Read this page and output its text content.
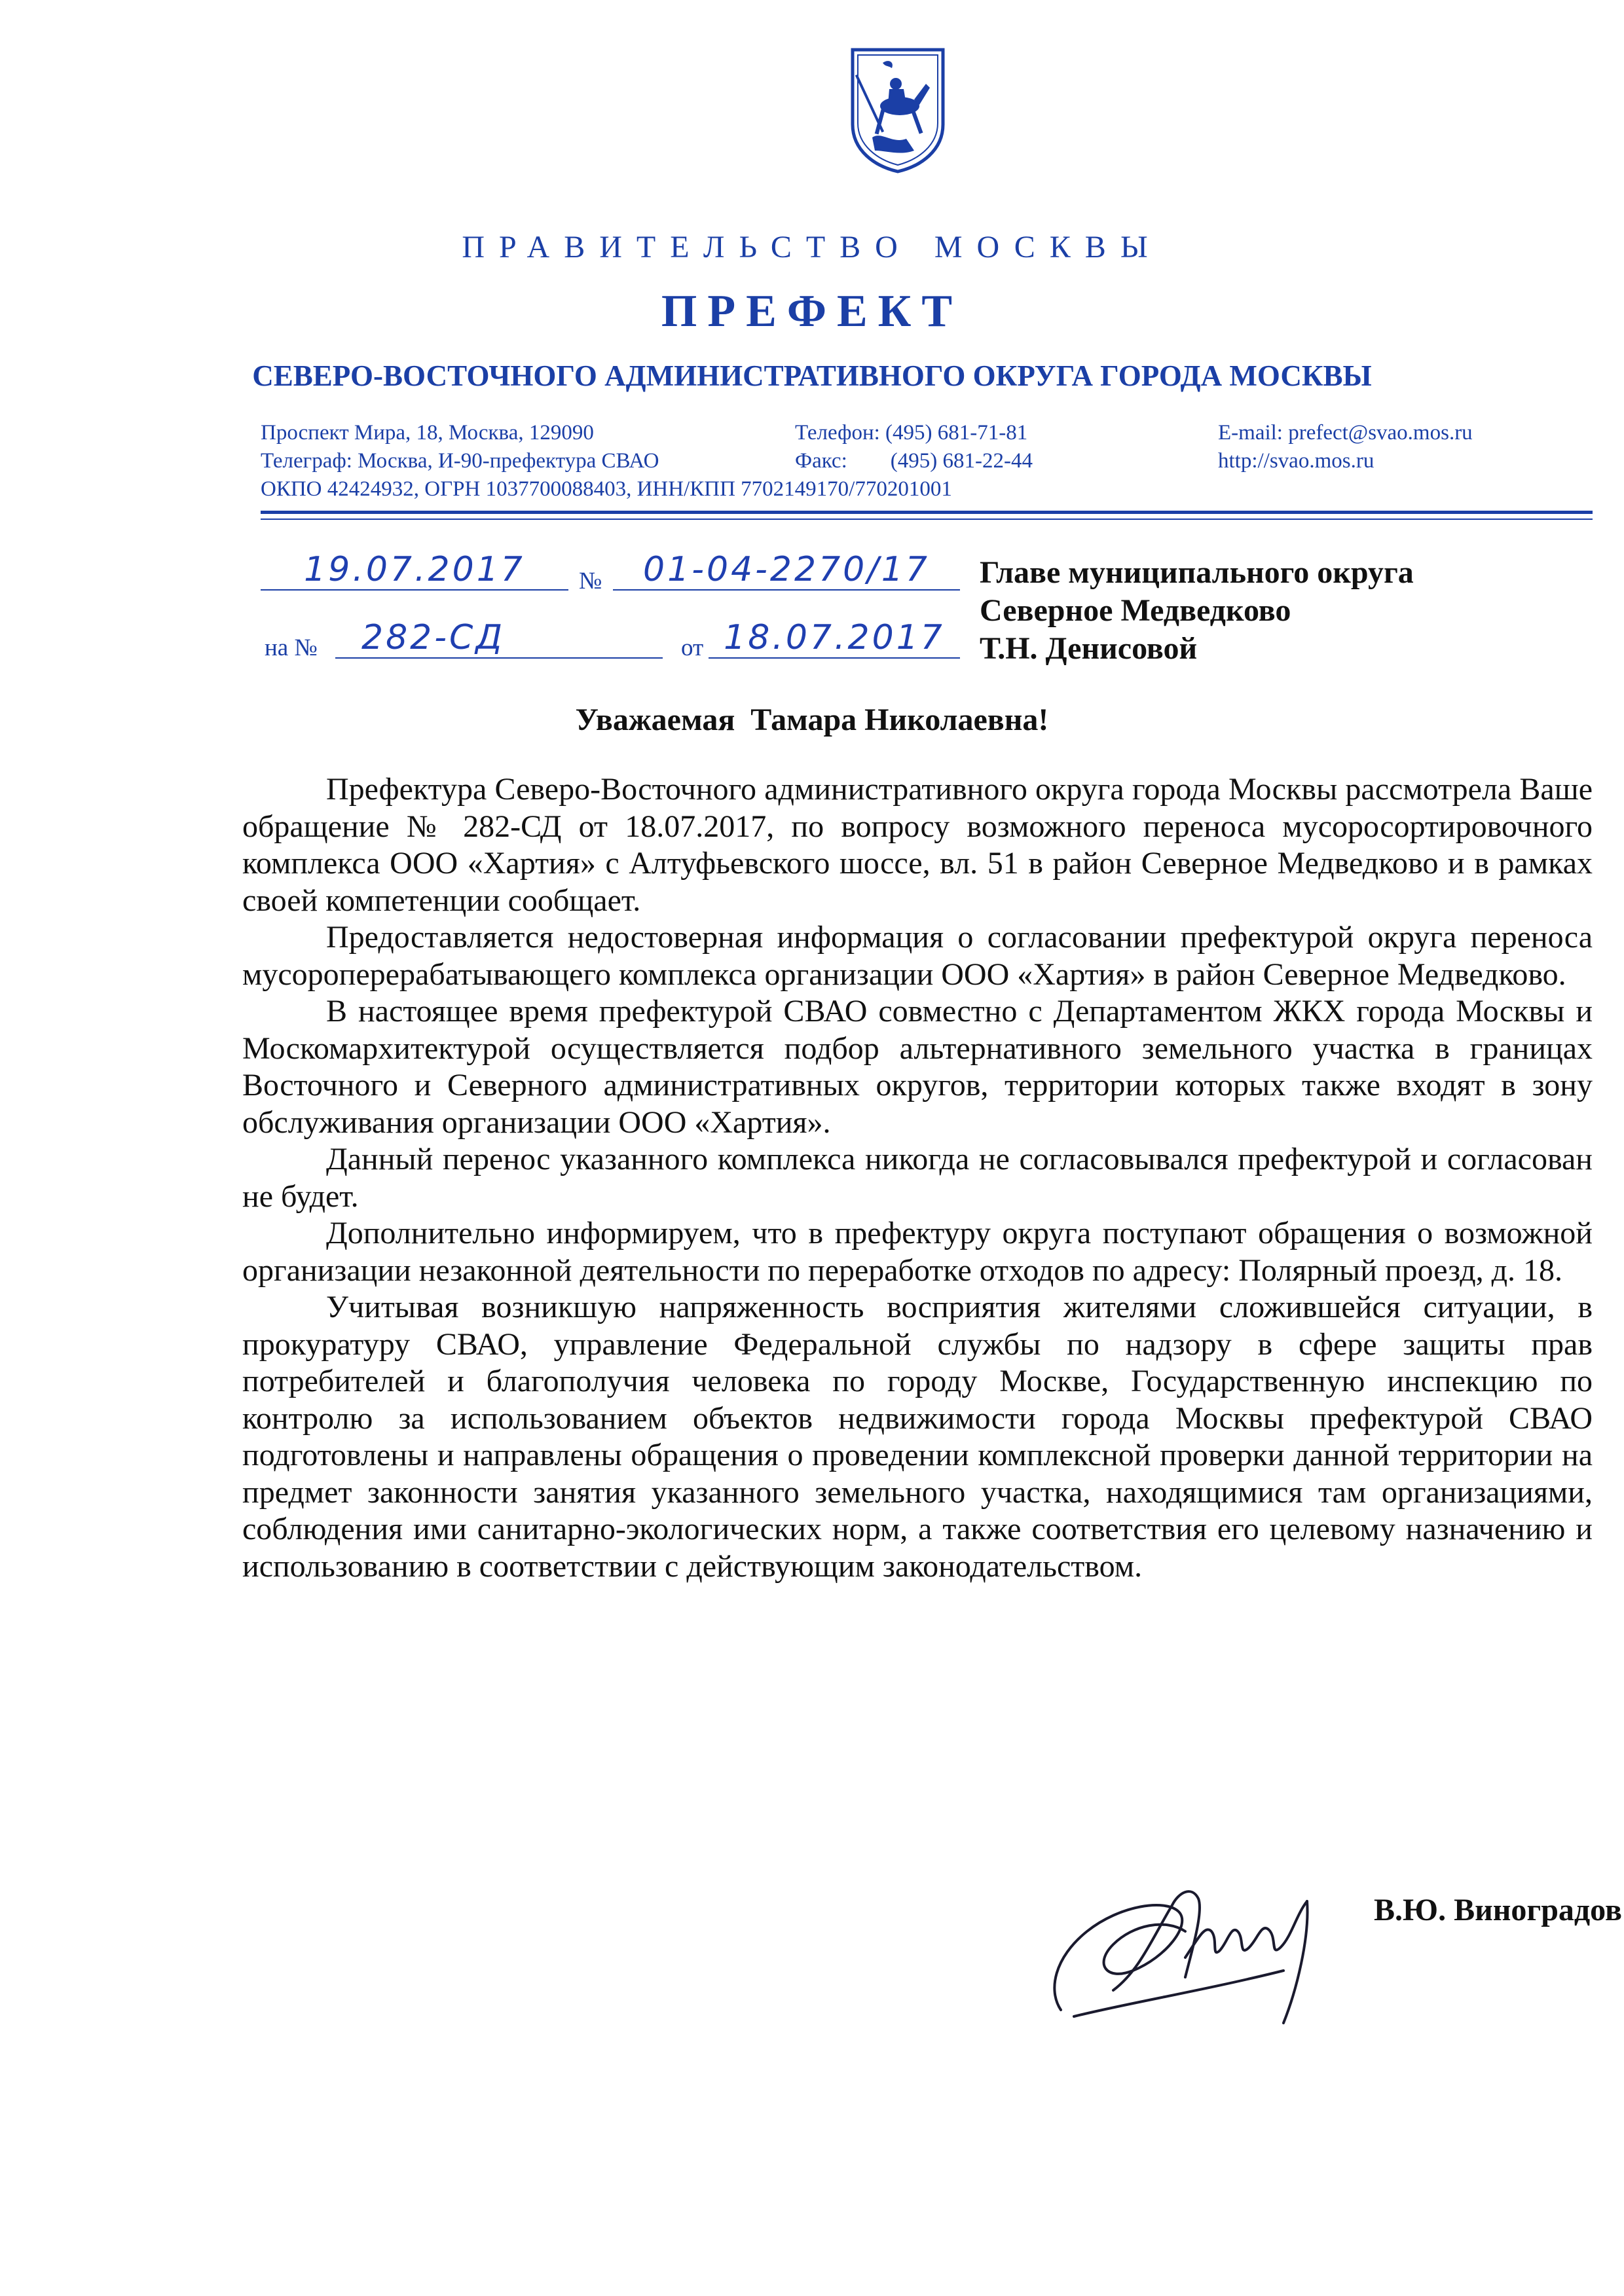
ПРАВИТЕЛЬСТВО МОСКВЫ
ПРЕФЕКТ
СЕВЕРО-ВОСТОЧНОГО АДМИНИСТРАТИВНОГО ОКРУГА ГОРОДА МОСКВЫ
Проспект Мира, 18, Москва, 129090
Телеграф: Москва, И-90-префектура СВАО
Телефон: (495) 681-71-81
Факс:        (495) 681-22-44
E-mail: prefect@svao.mos.ru
http://svao.mos.ru
ОКПО 42424932, ОГРН 1037700088403, ИНН/КПП 7702149170/770201001
19.07.2017	№	01-04-2270/17
на №	282-СД	от 18.07.2017
Главе муниципального округа
Северное Медведково
Т.Н. Денисовой
Уважаемая  Тамара Николаевна!

Префектура Северо-Восточного административного округа города Москвы рассмотрела Ваше обращение № 282-СД от 18.07.2017, по вопросу возможного переноса мусоросортировочного комплекса ООО «Хартия» с Алтуфьевского шоссе, вл. 51 в район Северное Медведково и в рамках своей компетенции сообщает.

Предоставляется недостоверная информация о согласовании префектурой округа переноса мусороперерабатывающего комплекса организации ООО «Хартия» в район Северное Медведково.

В настоящее время префектурой СВАО совместно с Департаментом ЖКХ города Москвы и Москомархитектурой осуществляется подбор альтернативного земельного участка в границах Восточного и Северного административных округов, территории которых также входят в зону обслуживания организации ООО «Хартия».

Данный перенос указанного комплекса никогда не согласовывался префектурой и согласован не будет.

Дополнительно информируем, что в префектуру округа поступают обращения о возможной организации незаконной деятельности по переработке отходов по адресу: Полярный проезд, д. 18.

Учитывая возникшую напряженность восприятия жителями сложившейся ситуации, в прокуратуру СВАО, управление Федеральной службы по надзору в сфере защиты прав потребителей и благополучия человека по городу Москве, Государственную инспекцию по контролю за использованием объектов недвижимости города Москвы префектурой СВАО подготовлены и направлены обращения о проведении комплексной проверки данной территории на предмет законности занятия указанного земельного участка, находящимися там организациями, соблюдения ими санитарно-экологических норм, а также соответствия его целевому назначению и использованию в соответствии с действующим законодательством.

В.Ю. Виноградов
